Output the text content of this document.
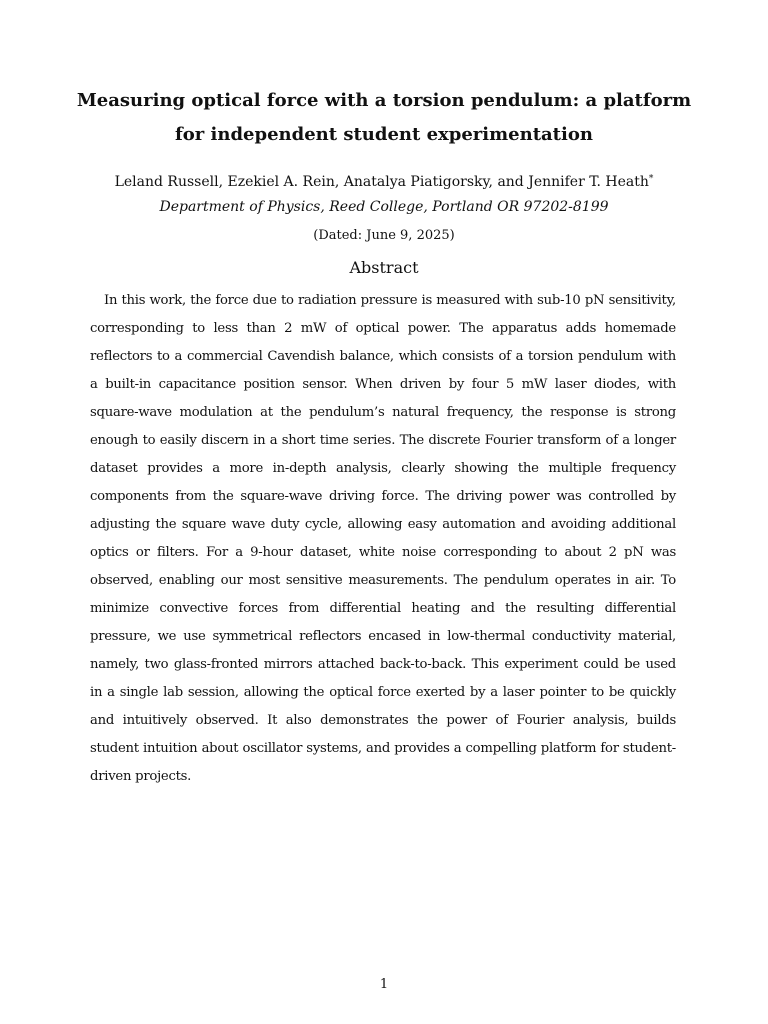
Measuring optical force with a torsion pendulum: a platform for independent student experimentation
Leland Russell, Ezekiel A. Rein, Anatalya Piatigorsky, and Jennifer T. Heath*
Department of Physics, Reed College, Portland OR 97202-8199
(Dated: June 9, 2025)
Abstract
In this work, the force due to radiation pressure is measured with sub-10 pN sensitivity, corresponding to less than 2 mW of optical power. The apparatus adds homemade reflectors to a commercial Cavendish balance, which consists of a torsion pendulum with a built-in capacitance position sensor. When driven by four 5 mW laser diodes, with square-wave modulation at the pendulum’s natural frequency, the response is strong enough to easily discern in a short time series. The discrete Fourier transform of a longer dataset provides a more in-depth analysis, clearly showing the multiple frequency components from the square-wave driving force. The driving power was controlled by adjusting the square wave duty cycle, allowing easy automation and avoiding additional optics or filters. For a 9-hour dataset, white noise corresponding to about 2 pN was observed, enabling our most sensitive measurements. The pendulum operates in air. To minimize convective forces from differential heating and the resulting differential pressure, we use symmetrical reflectors encased in low-thermal conductivity material, namely, two glass-fronted mirrors attached back-to-back. This experiment could be used in a single lab session, allowing the optical force exerted by a laser pointer to be quickly and intuitively observed. It also demonstrates the power of Fourier analysis, builds student intuition about oscillator systems, and provides a compelling platform for student-driven projects.
1
